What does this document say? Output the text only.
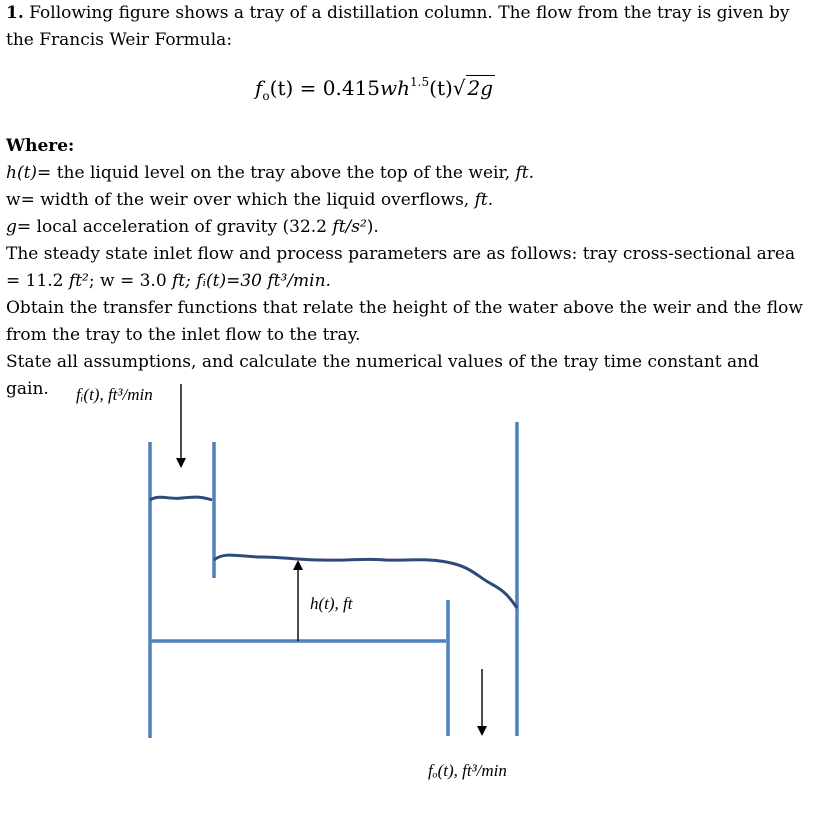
1. Following figure shows a tray of a distillation column. The flow from the tray is given by
the Francis Weir Formula:
$f_o(t) = 0.415wh^{1.5}(t)√$ 2g
Where:
h(t)= the liquid level on the tray above the top of the weir, ft.
w= width of the weir over which the liquid overflows, ft.
g= local acceleration of gravity (32.2 ft/s²).
The steady state inlet flow and process parameters are as follows: tray cross-sectional area
= 11.2 ft²; w = 3.0 ft; fᵢ(t)=30 ft³/min.
Obtain the transfer functions that relate the height of the water above the weir and the flow
from the tray to the inlet flow to the tray.
State all assumptions, and calculate the numerical values of the tray time constant and gain.	fᵢ(t), ft³/min
h(t), ft
fₒ(t), ft³/min
